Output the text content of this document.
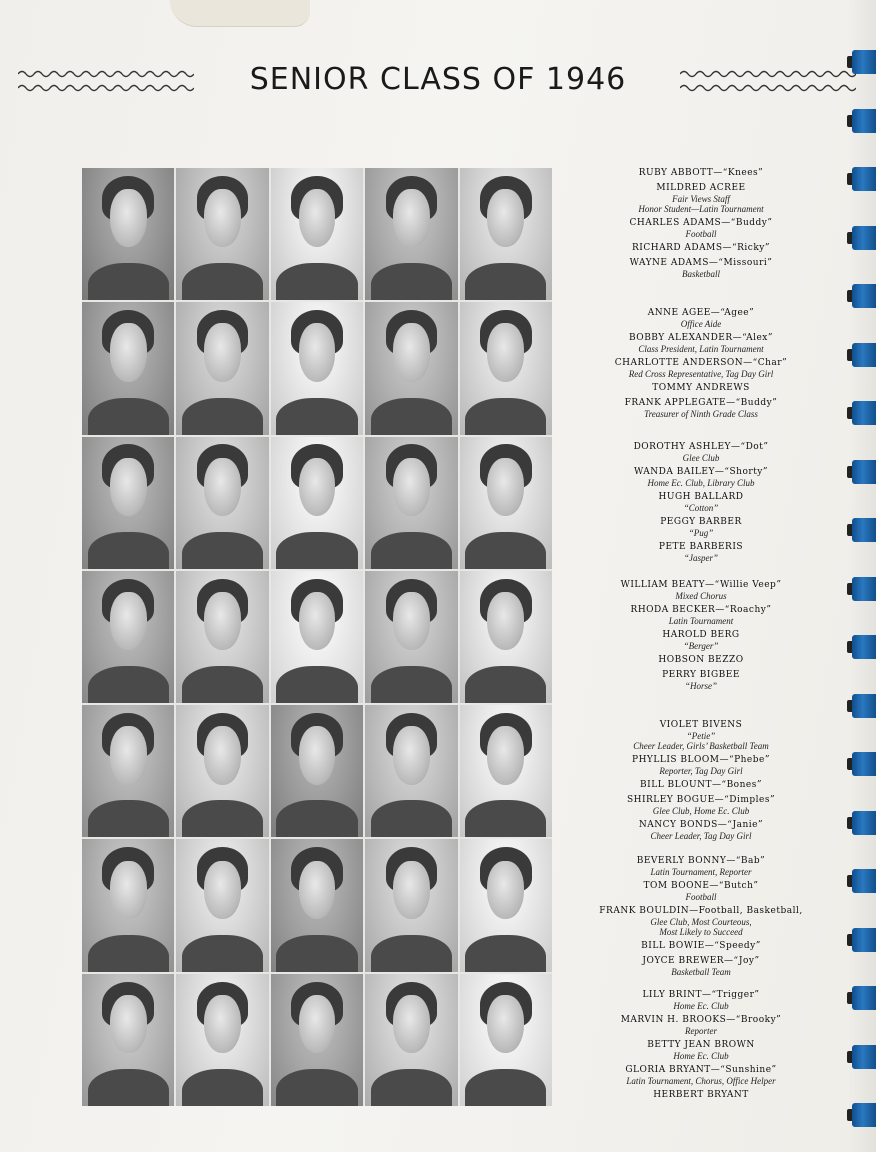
SENIOR CLASS OF 1946
RUBY ABBOTT—“Knees”
MILDRED ACREE
Fair Views Staff
Honor Student—Latin Tournament
CHARLES ADAMS—“Buddy”
Football
RICHARD ADAMS—“Ricky”
WAYNE ADAMS—“Missouri”
Basketball
ANNE AGEE—“Agee”
Office Aide
BOBBY ALEXANDER—“Alex”
Class President, Latin Tournament
CHARLOTTE ANDERSON—“Char”
Red Cross Representative, Tag Day Girl
TOMMY ANDREWS
FRANK APPLEGATE—“Buddy”
Treasurer of Ninth Grade Class
DOROTHY ASHLEY—“Dot”
Glee Club
WANDA BAILEY—“Shorty”
Home Ec. Club, Library Club
HUGH BALLARD
“Cotton”
PEGGY BARBER
“Pug”
PETE BARBERIS
“Jasper”
WILLIAM BEATY—“Willie Veep”
Mixed Chorus
RHODA BECKER—“Roachy”
Latin Tournament
HAROLD BERG
“Berger”
HOBSON BEZZO
PERRY BIGBEE
“Horse”
VIOLET BIVENS
“Petie”
Cheer Leader, Girls’ Basketball Team
PHYLLIS BLOOM—“Phebe”
Reporter, Tag Day Girl
BILL BLOUNT—“Bones”
SHIRLEY BOGUE—“Dimples”
Glee Club, Home Ec. Club
NANCY BONDS—“Janie”
Cheer Leader, Tag Day Girl
BEVERLY BONNY—“Bab”
Latin Tournament, Reporter
TOM BOONE—“Butch”
Football
FRANK BOULDIN—Football, Basketball,
Glee Club, Most Courteous,
Most Likely to Succeed
BILL BOWIE—“Speedy”
JOYCE BREWER—“Joy”
Basketball Team
LILY BRINT—“Trigger”
Home Ec. Club
MARVIN H. BROOKS—“Brooky”
Reporter
BETTY JEAN BROWN
Home Ec. Club
GLORIA BRYANT—“Sunshine”
Latin Tournament, Chorus, Office Helper
HERBERT BRYANT
